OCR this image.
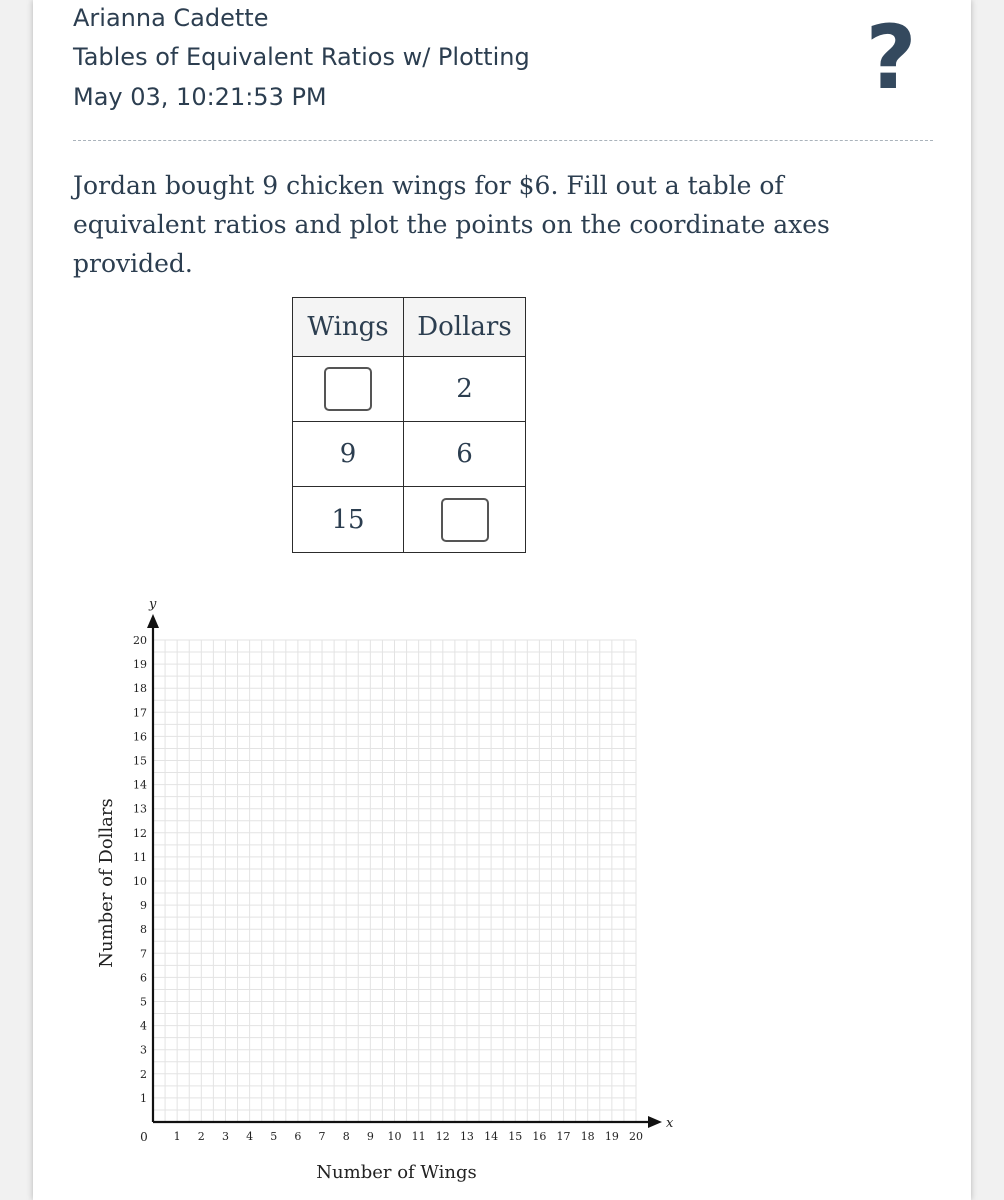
Arianna Cadette
Tables of Equivalent Ratios w/ Plotting
May 03, 10:21:53 PM	?
Jordan bought 9 chicken wings for $6. Fill out a table of equivalent ratios and plot the points on the coordinate axes provided.
Wings	Dollars
	2
9	6
15	
x
y
0 1 2 3 4 5 6 7 8 9 10 11 12 13 14 15 16 17 18 19 20
1
2
3
4
5
6
7
8
9
10
11
12
13
14
15
16
17
18
19
20
Number of Wings
Number of Dollars
